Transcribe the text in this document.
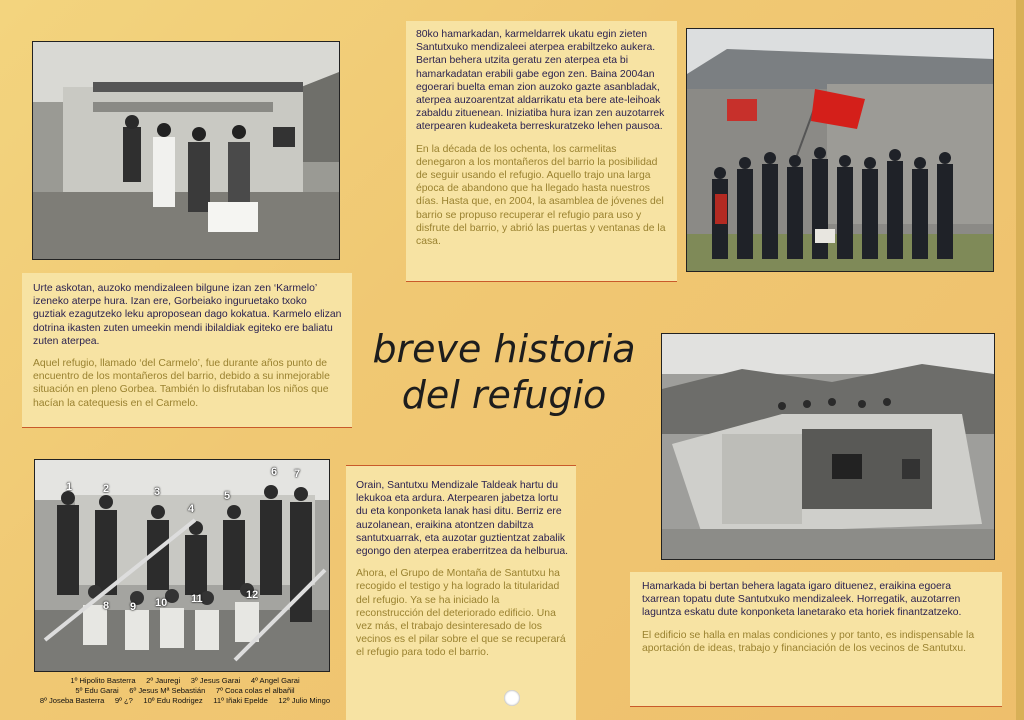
Urte askotan, auzoko mendizaleen bilgune izan zen ‘Karmelo’ izeneko aterpe hura. Izan ere, Gorbeiako inguruetako txoko guztiak ezagutzeko leku aproposean dago kokatua. Karmelo elizan dotrina ikasten zuten umeekin mendi ibilaldiak egiteko ere baliatu zuten aterpea.

Aquel refugio, llamado ‘del Carmelo’, fue durante años punto de encuentro de los montañeros del barrio, debido a su inmejorable situación en pleno Gorbea. También lo disfrutaban los niños que hacían la catequesis en el Carmelo.

80ko hamarkadan, karmeldarrek ukatu egin zieten Santutxuko mendizaleei aterpea erabiltzeko aukera. Bertan behera utzita geratu zen aterpea eta bi hamarkadatan erabili gabe egon zen. Baina 2004an egoerari buelta eman zion auzoko gazte asanbladak, aterpea auzoarentzat aldarrikatu eta bere ate-leihoak zabaldu zituenean. Iniziatiba hura izan zen auzotarrek aterpearen kudeaketa berreskuratzeko lehen pausoa.

En la década de los ochenta, los carmelitas denegaron a los montañeros del barrio la posibilidad de seguir usando el refugio. Aquello trajo una larga época de abandono que ha llegado hasta nuestros días. Hasta que, en 2004, la asamblea de jóvenes del barrio se propuso recuperar el refugio para uso y disfrute del barrio, y abrió las puertas y ventanas de la casa.

breve historia
del refugio
1	2	3
4
5
6 7
8 9 10 11	12
1º Hipolito Basterra     2º Jauregi     3º Jesus Garai     4º Angel Garai
5º Edu Garai     6º Jesus Mª Sebastián     7º Coca colas el albañil
8º Joseba Basterra     9º ¿?     10º Edu Rodrigez     11º Iñaki Epelde     12º Julio Mingo

Orain, Santutxu Mendizale Taldeak hartu du lekukoa eta ardura. Aterpearen jabetza lortu du eta konponketa lanak hasi ditu. Berriz ere auzolanean, eraikina atontzen dabiltza santutxuarrak, eta auzotar guztientzat zabalik egongo den aterpea eraberritzea da helburua.

Ahora, el Grupo de Montaña de Santutxu ha recogido el testigo y ha logrado la titularidad del refugio. Ya se ha iniciado la reconstrucción del deteriorado edificio. Una vez más, el trabajo desinteresado de los vecinos es el pilar sobre el que se recuperará el refugio para todo el barrio.

Hamarkada bi bertan behera lagata igaro dituenez, eraikina egoera txarrean topatu dute Santutxuko mendizaleek. Horregatik, auzotarren laguntza eskatu dute konponketa lanetarako eta horiek finantzatzeko.

El edificio se halla en malas condiciones y por tanto, es indispensable la aportación de ideas, trabajo y financiación de los vecinos de Santutxu.
